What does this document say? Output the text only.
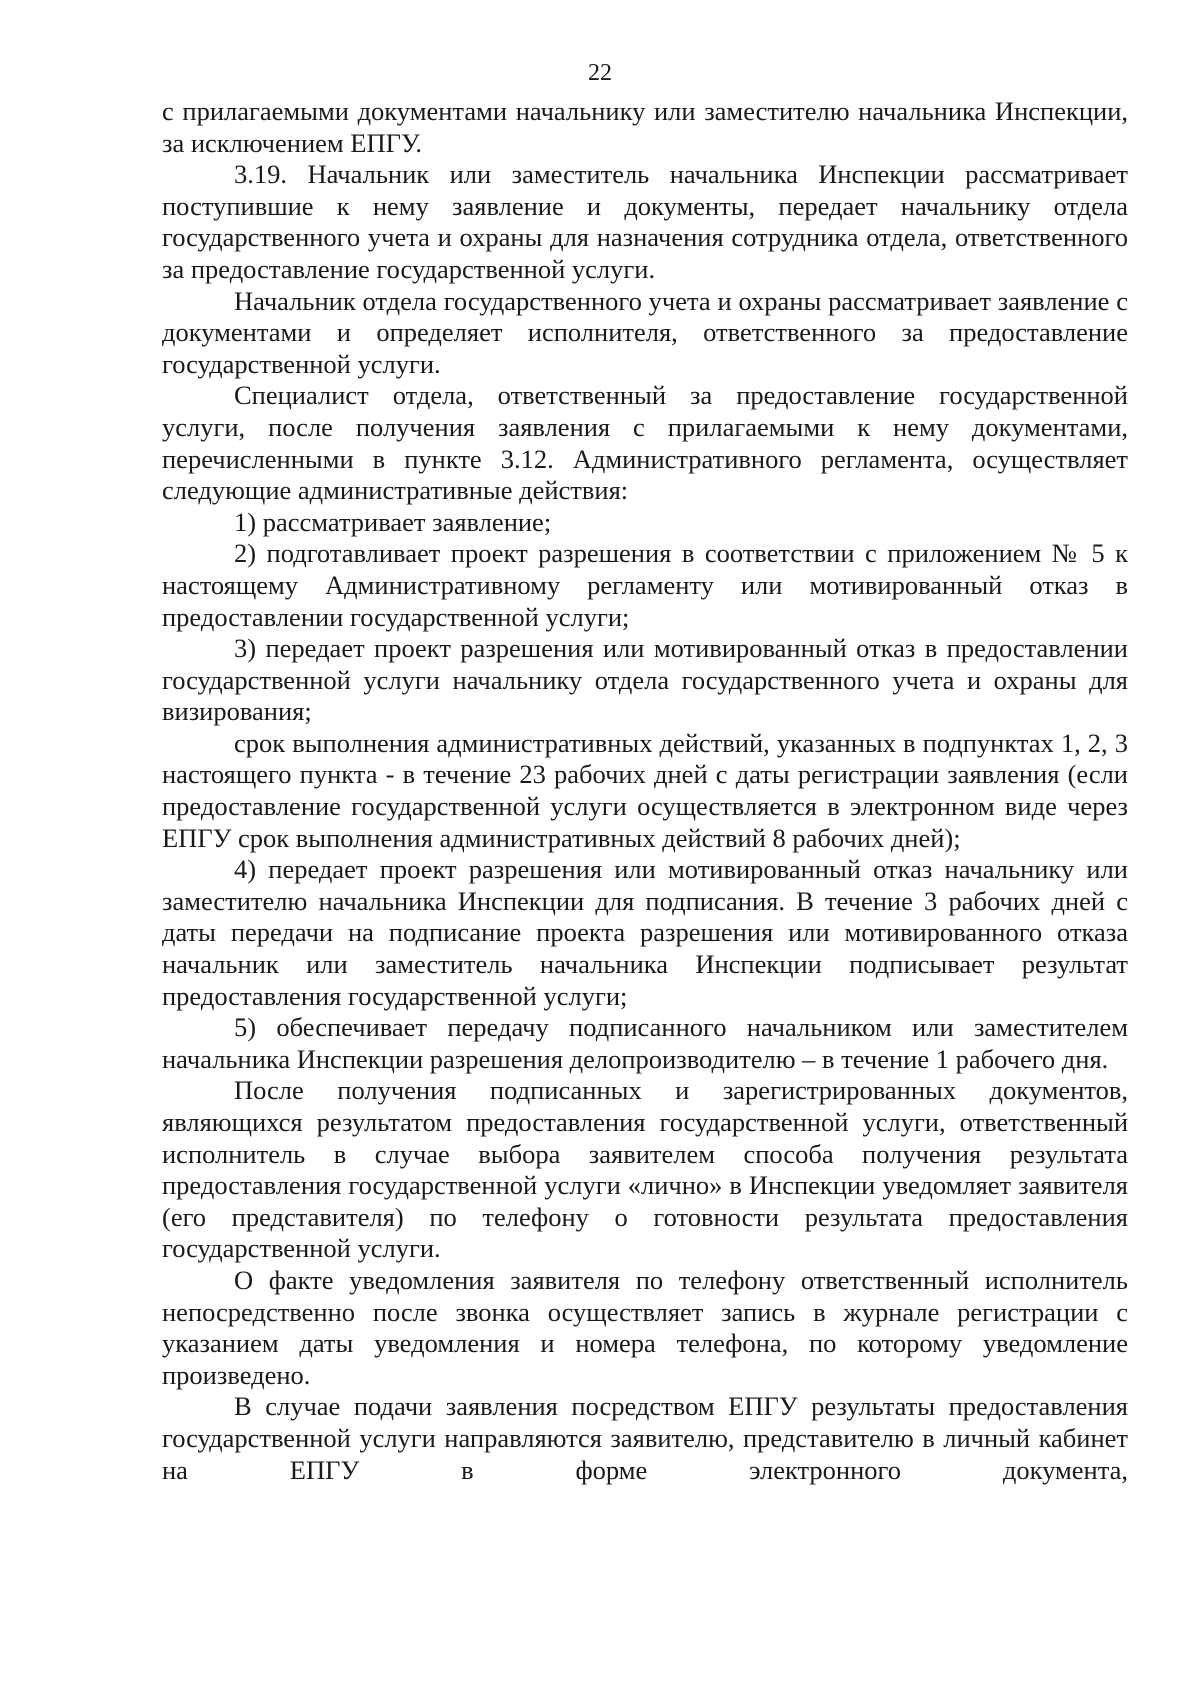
22

с прилагаемыми документами начальнику или заместителю начальника Инспекции, за исключением ЕПГУ.

3.19. Начальник или заместитель начальника Инспекции рассматривает поступившие к нему заявление и документы, передает начальнику отдела государственного учета и охраны для назначения сотрудника отдела, ответственного за предоставление государственной услуги.

Начальник отдела государственного учета и охраны рассматривает заявление с документами и определяет исполнителя, ответственного за предоставление государственной услуги.

Специалист отдела, ответственный за предоставление государственной услуги, после получения заявления с прилагаемыми к нему документами, перечисленными в пункте 3.12. Административного регламента, осуществляет следующие административные действия:

1) рассматривает заявление;

2) подготавливает проект разрешения в соответствии с приложением № 5 к настоящему Административному регламенту или мотивированный отказ в предоставлении государственной услуги;

3) передает проект разрешения или мотивированный отказ в предоставлении государственной услуги начальнику отдела государственного учета и охраны для визирования;

срок выполнения административных действий, указанных в подпунктах 1, 2, 3 настоящего пункта - в течение 23 рабочих дней с даты регистрации заявления (если предоставление государственной услуги осуществляется в электронном виде через ЕПГУ срок выполнения административных действий 8 рабочих дней);

4) передает проект разрешения или мотивированный отказ начальнику или заместителю начальника Инспекции для подписания. В течение 3 рабочих дней с даты передачи на подписание проекта разрешения или мотивированного отказа начальник или заместитель начальника Инспекции подписывает результат предоставления государственной услуги;

5) обеспечивает передачу подписанного начальником или заместителем начальника Инспекции разрешения делопроизводителю – в течение 1 рабочего дня.

После получения подписанных и зарегистрированных документов, являющихся результатом предоставления государственной услуги, ответственный исполнитель в случае выбора заявителем способа получения результата предоставления государственной услуги «лично» в Инспекции уведомляет заявителя (его представителя) по телефону о готовности результата предоставления государственной услуги.

О факте уведомления заявителя по телефону ответственный исполнитель непосредственно после звонка осуществляет запись в журнале регистрации с указанием даты уведомления и номера телефона, по которому уведомление произведено.

В случае подачи заявления посредством ЕПГУ результаты предоставления государственной услуги направляются заявителю, представителю в личный кабинет на ЕПГУ в форме электронного документа,
